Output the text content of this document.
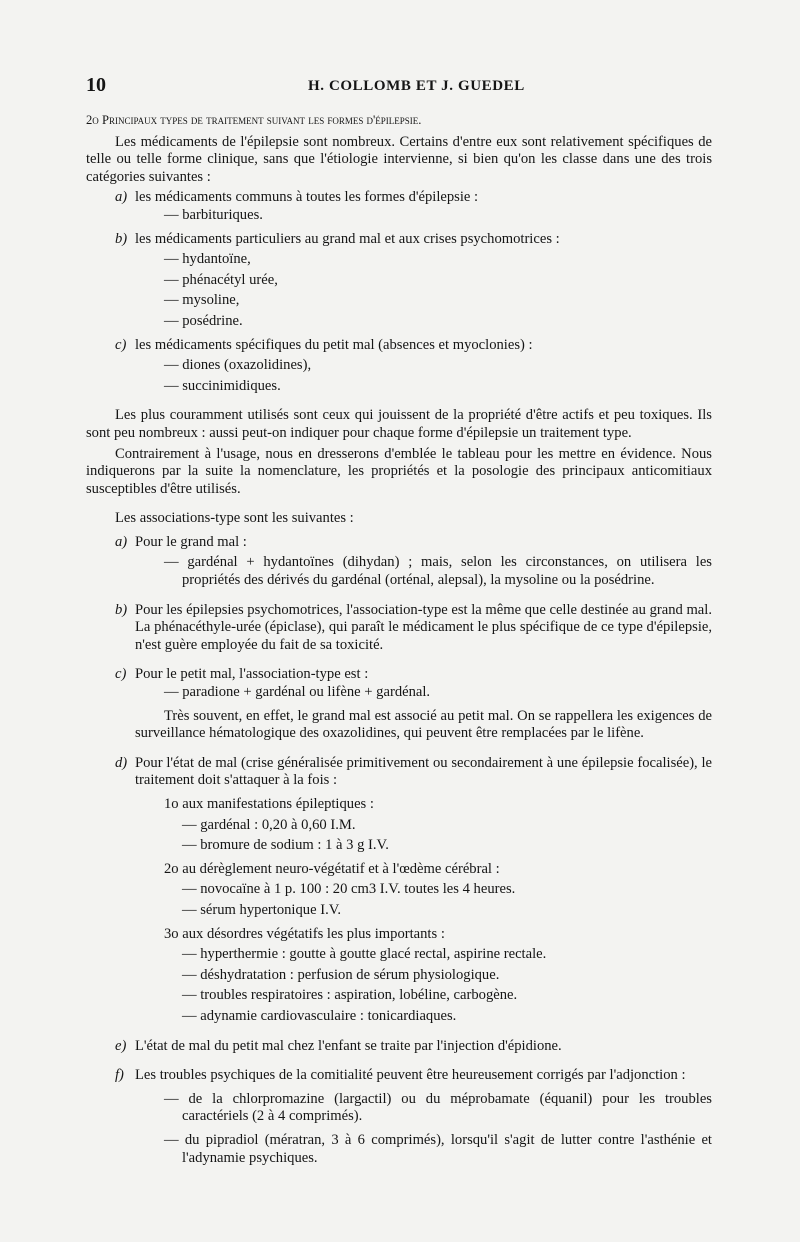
10	H. COLLOMB ET J. GUEDEL

2o Principaux types de traitement suivant les formes d'épilepsie.

Les médicaments de l'épilepsie sont nombreux. Certains d'entre eux sont relativement spécifiques de telle ou telle forme clinique, sans que l'étiologie intervienne, si bien qu'on les classe dans une des trois catégories suivantes :

a) les médicaments communs à toutes les formes d'épilepsie :
— barbituriques.
b) les médicaments particuliers au grand mal et aux crises psychomotrices :
— hydantoïne,
— phénacétyl urée,
— mysoline,
— posédrine.
c) les médicaments spécifiques du petit mal (absences et myoclonies) :
— diones (oxazolidines),
— succinimidiques.

Les plus couramment utilisés sont ceux qui jouissent de la propriété d'être actifs et peu toxiques. Ils sont peu nombreux : aussi peut-on indiquer pour chaque forme d'épilepsie un traitement type.

Contrairement à l'usage, nous en dresserons d'emblée le tableau pour les mettre en évidence. Nous indiquerons par la suite la nomenclature, les propriétés et la posologie des principaux anticomitiaux susceptibles d'être utilisés.

Les associations-type sont les suivantes :

a) Pour le grand mal :
— gardénal + hydantoïnes (dihydan) ; mais, selon les circonstances, on utilisera les propriétés des dérivés du gardénal (orténal, alepsal), la mysoline ou la posédrine.
b) Pour les épilepsies psychomotrices, l'association-type est la même que celle destinée au grand mal. La phénacéthyle-urée (épiclase), qui paraît le médicament le plus spécifique de ce type d'épilepsie, n'est guère employée du fait de sa toxicité.
c) Pour le petit mal, l'association-type est :
— paradione + gardénal ou lifène + gardénal.

Très souvent, en effet, le grand mal est associé au petit mal. On se rappellera les exigences de surveillance hématologique des oxazolidines, qui peuvent être remplacées par le lifène.

d) Pour l'état de mal (crise généralisée primitivement ou secondairement à une épilepsie focalisée), le traitement doit s'attaquer à la fois :
1o aux manifestations épileptiques :
— gardénal : 0,20 à 0,60 I.M.
— bromure de sodium : 1 à 3 g I.V.
2o au dérèglement neuro-végétatif et à l'œdème cérébral :
— novocaïne à 1 p. 100 : 20 cm3 I.V. toutes les 4 heures.
— sérum hypertonique I.V.
3o aux désordres végétatifs les plus importants :
— hyperthermie : goutte à goutte glacé rectal, aspirine rectale.
— déshydratation : perfusion de sérum physiologique.
— troubles respiratoires : aspiration, lobéline, carbogène.
— adynamie cardiovasculaire : tonicardiaques.
e) L'état de mal du petit mal chez l'enfant se traite par l'injection d'épidione.
f) Les troubles psychiques de la comitialité peuvent être heureusement corrigés par l'adjonction :
— de la chlorpromazine (largactil) ou du méprobamate (équanil) pour les troubles caractériels (2 à 4 comprimés).
— du pipradiol (mératran, 3 à 6 comprimés), lorsqu'il s'agit de lutter contre l'asthénie et l'adynamie psychiques.
